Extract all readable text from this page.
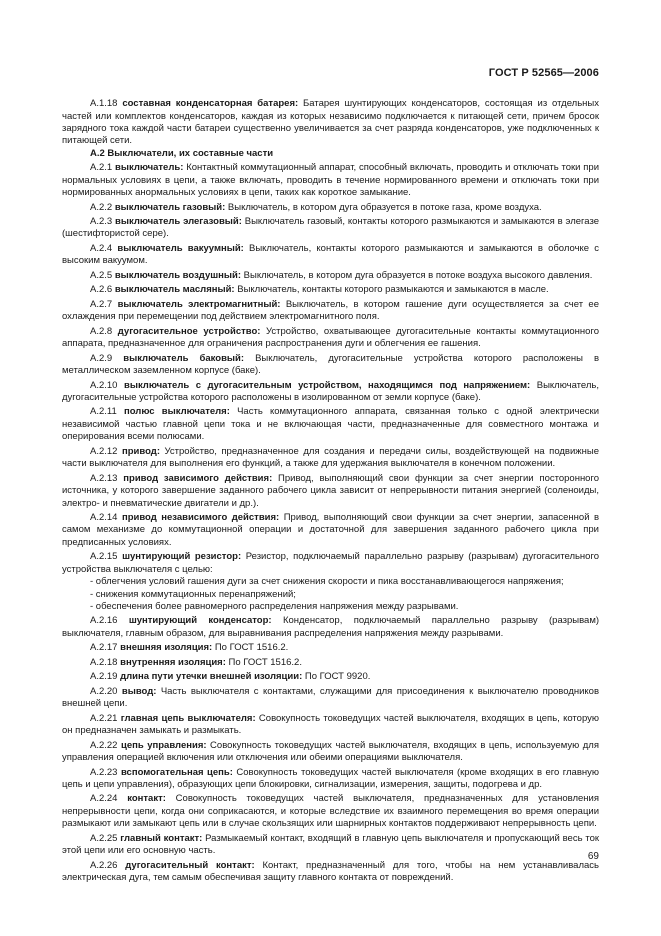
ГОСТ Р 52565—2006

А.1.18 составная конденсаторная батарея: Батарея шунтирующих конденсаторов, состоящая из отдельных частей или комплектов конденсаторов, каждая из которых независимо подключается к питающей сети, причем бросок зарядного тока каждой части батареи существенно увеличивается за счет разряда конденсаторов, уже подключенных к питающей сети.

А.2 Выключатели, их составные части

А.2.1 выключатель: Контактный коммутационный аппарат, способный включать, проводить и отключать токи при нормальных условиях в цепи, а также включать, проводить в течение нормированного времени и отключать токи при нормированных анормальных условиях в цепи, таких как короткое замыкание.

А.2.2 выключатель газовый: Выключатель, в котором дуга образуется в потоке газа, кроме воздуха.

А.2.3 выключатель элегазовый: Выключатель газовый, контакты которого размыкаются и замыкаются в элегазе (шестифтористой сере).

А.2.4 выключатель вакуумный: Выключатель, контакты которого размыкаются и замыкаются в оболочке с высоким вакуумом.

А.2.5 выключатель воздушный: Выключатель, в котором дуга образуется в потоке воздуха высокого давления.

А.2.6 выключатель масляный: Выключатель, контакты которого размыкаются и замыкаются в масле.

А.2.7 выключатель электромагнитный: Выключатель, в котором гашение дуги осуществляется за счет ее охлаждения при перемещении под действием электромагнитного поля.

А.2.8 дугогасительное устройство: Устройство, охватывающее дугогасительные контакты коммутационного аппарата, предназначенное для ограничения распространения дуги и облегчения ее гашения.

А.2.9 выключатель баковый: Выключатель, дугогасительные устройства которого расположены в металлическом заземленном корпусе (баке).

А.2.10 выключатель с дугогасительным устройством, находящимся под напряжением: Выключатель, дугогасительные устройства которого расположены в изолированном от земли корпусе (баке).

А.2.11 полюс выключателя: Часть коммутационного аппарата, связанная только с одной электрически независимой частью главной цепи тока и не включающая части, предназначенные для совместного монтажа и оперирования всеми полюсами.

А.2.12 привод: Устройство, предназначенное для создания и передачи силы, воздействующей на подвижные части выключателя для выполнения его функций, а также для удержания выключателя в конечном положении.

А.2.13 привод зависимого действия: Привод, выполняющий свои функции за счет энергии посторонного источника, у которого завершение заданного рабочего цикла зависит от непрерывности питания энергией (соленоиды, электро- и пневматические двигатели и др.).

А.2.14 привод независимого действия: Привод, выполняющий свои функции за счет энергии, запасенной в самом механизме до коммутационной операции и достаточной для завершения заданного рабочего цикла при предписанных условиях.

А.2.15 шунтирующий резистор: Резистор, подключаемый параллельно разрыву (разрывам) дугогасительного устройства выключателя с целью:

- облегчения условий гашения дуги за счет снижения скорости и пика восстанавливающегося напряжения;

- снижения коммутационных перенапряжений;

- обеспечения более равномерного распределения напряжения между разрывами.

А.2.16 шунтирующий конденсатор: Конденсатор, подключаемый параллельно разрыву (разрывам) выключателя, главным образом, для выравнивания распределения напряжения между разрывами.

А.2.17 внешняя изоляция: По ГОСТ 1516.2.

А.2.18 внутренняя изоляция: По ГОСТ 1516.2.

А.2.19 длина пути утечки внешней изоляции: По ГОСТ 9920.

А.2.20 вывод: Часть выключателя с контактами, служащими для присоединения к выключателю проводников внешней цепи.

А.2.21 главная цепь выключателя: Совокупность токоведущих частей выключателя, входящих в цепь, которую он предназначен замыкать и размыкать.

А.2.22 цепь управления: Совокупность токоведущих частей выключателя, входящих в цепь, используемую для управления операцией включения или отключения или обеими операциями выключателя.

А.2.23 вспомогательная цепь: Совокупность токоведущих частей выключателя (кроме входящих в его главную цепь и цепи управления), образующих цепи блокировки, сигнализации, измерения, защиты, подогрева и др.

А.2.24 контакт: Совокупность токоведущих частей выключателя, предназначенных для установления непрерывности цепи, когда они соприкасаются, и которые вследствие их взаимного перемещения во время операции размыкают или замыкают цепь или в случае скользящих или шарнирных контактов поддерживают непрерывность цепи.

А.2.25 главный контакт: Размыкаемый контакт, входящий в главную цепь выключателя и пропускающий весь ток этой цепи или его основную часть.

А.2.26 дугогасительный контакт: Контакт, предназначенный для того, чтобы на нем устанавливалась электрическая дуга, тем самым обеспечивая защиту главного контакта от повреждений.

69
